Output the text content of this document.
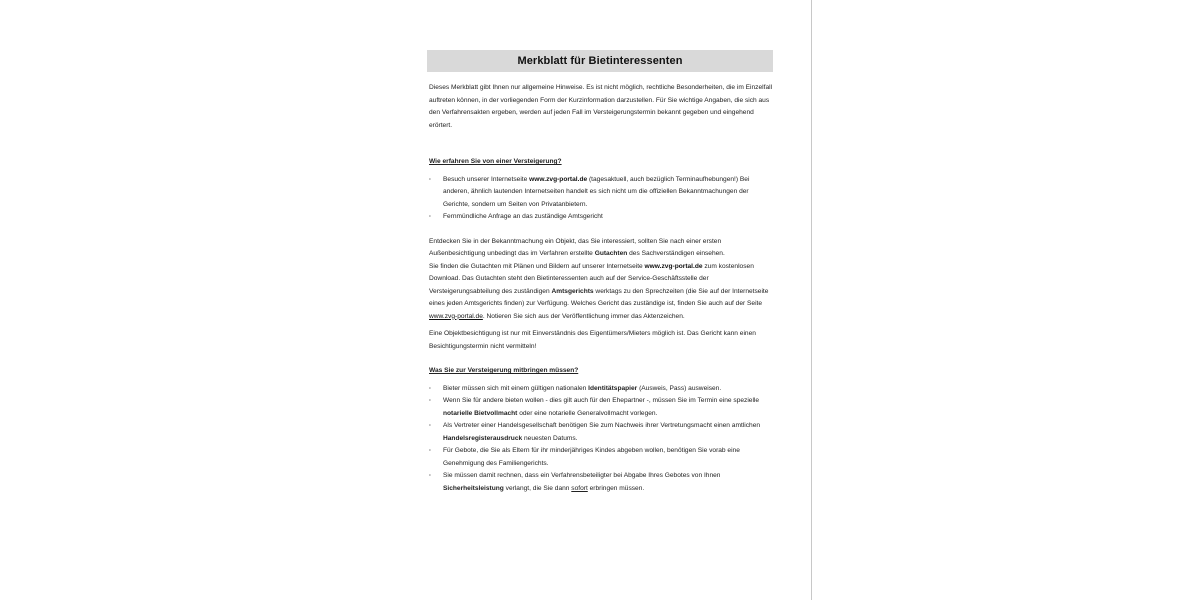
Merkblatt für Bietinteressenten

Dieses Merkblatt gibt Ihnen nur allgemeine Hinweise. Es ist nicht möglich, rechtliche Besonderheiten, die im Einzelfall auftreten können, in der vorliegenden Form der Kurzinformation darzustellen. Für Sie wichtige Angaben, die sich aus den Verfahrensakten ergeben, werden auf jeden Fall im Versteigerungstermin bekannt gegeben und eingehend erörtert.

Wie erfahren Sie von einer Versteigerung?
· Besuch unserer Internetseite www.zvg-portal.de (tagesaktuell, auch bezüglich Terminaufhebungen!) Bei anderen, ähnlich lautenden Internetseiten handelt es sich nicht um die offiziellen Bekanntmachungen der Gerichte, sondern um Seiten von Privatanbietern.
· Fernmündliche Anfrage an das zuständige Amtsgericht

Entdecken Sie in der Bekanntmachung ein Objekt, das Sie interessiert, sollten Sie nach einer ersten Außenbesichtigung unbedingt das im Verfahren erstellte Gutachten des Sachverständigen einsehen.
Sie finden die Gutachten mit Plänen und Bildern auf unserer Internetseite www.zvg-portal.de zum kostenlosen Download. Das Gutachten steht den Bietinteressenten auch auf der Service-Geschäftsstelle der Versteigerungsabteilung des zuständigen Amtsgerichts werktags zu den Sprechzeiten (die Sie auf der Internetseite eines jeden Amtsgerichts finden) zur Verfügung. Welches Gericht das zuständige ist, finden Sie auch auf der Seite www.zvg-portal.de. Notieren Sie sich aus der Veröffentlichung immer das Aktenzeichen.

Eine Objektbesichtigung ist nur mit Einverständnis des Eigentümers/Mieters möglich ist. Das Gericht kann einen Besichtigungstermin nicht vermitteln!

Was Sie zur Versteigerung mitbringen müssen?
· Bieter müssen sich mit einem gültigen nationalen Identitätspapier (Ausweis, Pass) ausweisen.
· Wenn Sie für andere bieten wollen - dies gilt auch für den Ehepartner -, müssen Sie im Termin eine spezielle notarielle Bietvollmacht oder eine notarielle Generalvollmacht vorlegen.
· Als Vertreter einer Handelsgesellschaft benötigen Sie zum Nachweis ihrer Vertretungsmacht einen amtlichen Handelsregisterausdruck neuesten Datums.
· Für Gebote, die Sie als Eltern für ihr minderjähriges Kindes abgeben wollen, benötigen Sie vorab eine Genehmigung des Familiengerichts.
· Sie müssen damit rechnen, dass ein Verfahrensbeteiligter bei Abgabe Ihres Gebotes von Ihnen Sicherheitsleistung verlangt, die Sie dann sofort erbringen müssen.
